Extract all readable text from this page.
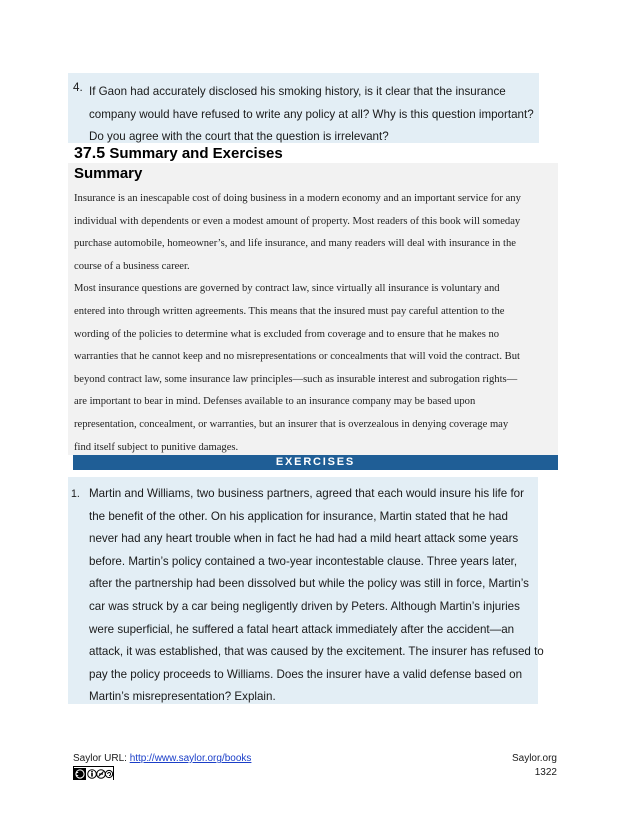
4. If Gaon had accurately disclosed his smoking history, is it clear that the insurance
company would have refused to write any policy at all? Why is this question important?
Do you agree with the court that the question is irrelevant?
37.5 Summary and Exercises
Summary
Insurance is an inescapable cost of doing business in a modern economy and an important service for any
individual with dependents or even a modest amount of property. Most readers of this book will someday
purchase automobile, homeowner’s, and life insurance, and many readers will deal with insurance in the
course of a business career.
Most insurance questions are governed by contract law, since virtually all insurance is voluntary and
entered into through written agreements. This means that the insured must pay careful attention to the
wording of the policies to determine what is excluded from coverage and to ensure that he makes no
warranties that he cannot keep and no misrepresentations or concealments that will void the contract. But
beyond contract law, some insurance law principles—such as insurable interest and subrogation rights—
are important to bear in mind. Defenses available to an insurance company may be based upon
representation, concealment, or warranties, but an insurer that is overzealous in denying coverage may
find itself subject to punitive damages.
EXERCISES
1. Martin and Williams, two business partners, agreed that each would insure his life for
the benefit of the other. On his application for insurance, Martin stated that he had
never had any heart trouble when in fact he had had a mild heart attack some years
before. Martin’s policy contained a two-year incontestable clause. Three years later,
after the partnership had been dissolved but while the policy was still in force, Martin’s
car was struck by a car being negligently driven by Peters. Although Martin’s injuries
were superficial, he suffered a fatal heart attack immediately after the accident—an
attack, it was established, that was caused by the excitement. The insurer has refused to
pay the policy proceeds to Williams. Does the insurer have a valid defense based on
Martin’s misrepresentation? Explain.
Saylor URL: http://www.saylor.org/books	Saylor.org
1322
